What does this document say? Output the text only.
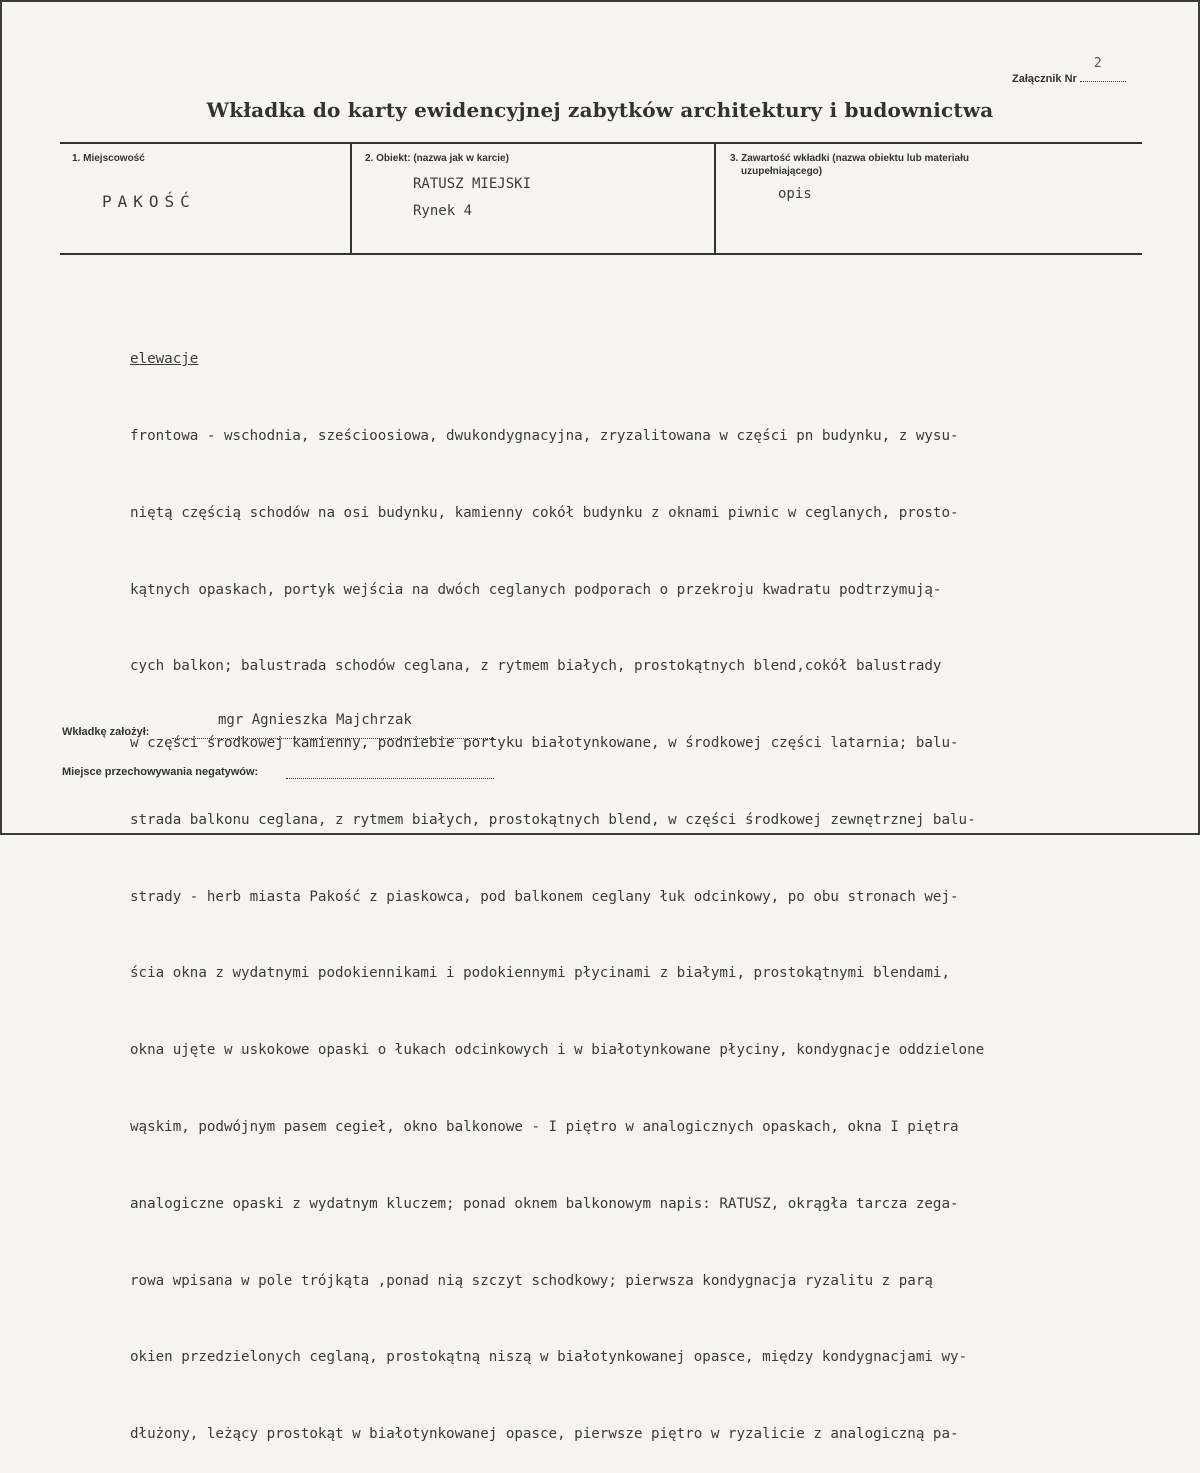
Załącznik Nr
2
Wkładka do karty ewidencyjnej zabytków architektury i budownictwa
1. Miejscowość
PAKOŚĆ
2. Obiekt: (nazwa jak w karcie)
RATUSZ MIEJSKI
Rynek 4
3. Zawartość wkładki (nazwa obiektu lub materiału
uzupełniającego)
opis

elewacje

frontowa - wschodnia, sześcioosiowa, dwukondygnacyjna, zryzalitowana w części pn budynku, z wysu-

niętą częścią schodów na osi budynku, kamienny cokół budynku z oknami piwnic w ceglanych, prosto-

kątnych opaskach, portyk wejścia na dwóch ceglanych podporach o przekroju kwadratu podtrzymują-

cych balkon; balustrada schodów ceglana, z rytmem białych, prostokątnych blend,cokół balustrady

w części środkowej kamienny, podniebie portyku białotynkowane, w środkowej części latarnia; balu-

strada balkonu ceglana, z rytmem białych, prostokątnych blend, w części środkowej zewnętrznej balu-

strady - herb miasta Pakość z piaskowca, pod balkonem ceglany łuk odcinkowy, po obu stronach wej-

ścia okna z wydatnymi podokiennikami i podokiennymi płycinami z białymi, prostokątnymi blendami,

okna ujęte w uskokowe opaski o łukach odcinkowych i w białotynkowane płyciny, kondygnacje oddzielone

wąskim, podwójnym pasem cegieł, okno balkonowe - I piętro w analogicznych opaskach, okna I piętra

analogiczne opaski z wydatnym kluczem; ponad oknem balkonowym napis: RATUSZ, okrągła tarcza zega-

rowa wpisana w pole trójkąta ,ponad nią szczyt schodkowy; pierwsza kondygnacja ryzalitu z parą

okien przedzielonych ceglaną, prostokątną niszą w białotynkowanej opasce, między kondygnacjami wy-

dłużony, leżący prostokąt w białotynkowanej opasce, pierwsze piętro w ryzalicie z analogiczną pa-

Wkładkę założył:
mgr Agnieszka Majchrzak
Miejsce przechowywania negatywów:
